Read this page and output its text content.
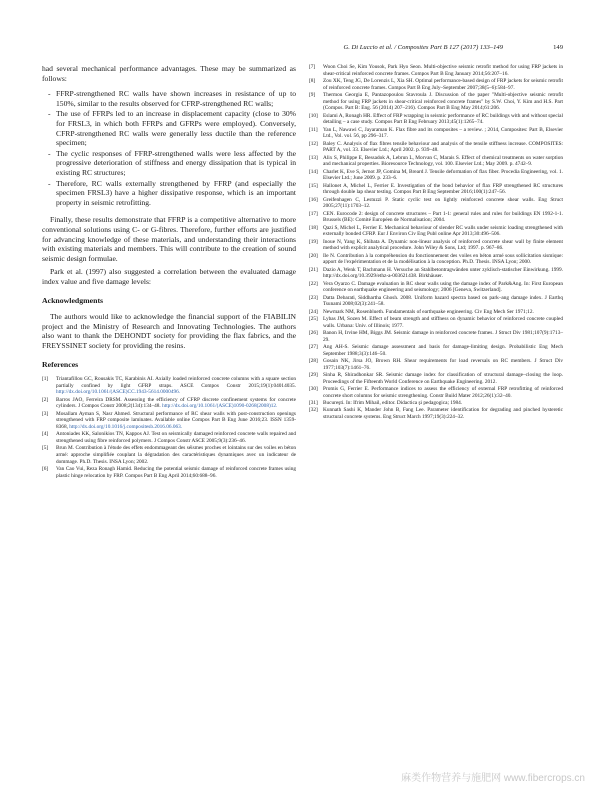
G. Di Luccio et al. / Composites Part B 127 (2017) 133–149	149

had several mechanical performance advantages. These may be summarized as follows:

- FFRP-strengthened RC walls have shown increases in resistance of up to 150%, similar to the results observed for CFRP-strengthened RC walls;
- The use of FFRPs led to an increase in displacement capacity (close to 30% for FRSL3, in which both FFRPs and GFRPs were employed). Conversely, CFRP-strengthened RC walls were generally less ductile than the reference specimen;
- The cyclic responses of FFRP-strengthened walls were less affected by the progressive deterioration of stiffness and energy dissipation that is typical in existing RC structures;
- Therefore, RC walls externally strengthened by FFRP (and especially the specimen FRSL3) have a higher dissipative response, which is an important property in seismic retrofitting.

Finally, these results demonstrate that FFRP is a competitive alternative to more conventional solutions using C- or G-fibres. Therefore, further efforts are justified for advancing knowledge of these materials, and understanding their interactions with existing materials and members. This will contribute to the creation of sound seismic design formulae.

Park et al. (1997) also suggested a correlation between the evaluated damage index value and five damage levels:

Acknowledgments

The authors would like to acknowledge the financial support of the FIABILIN project and the Ministry of Research and Innovating Technologies. The authors also want to thank the DEHONDT society for providing the flax fabrics, and the FREYSSINET society for providing the resins.

References
[1]	Triantafillou GC, Rousakis TC, Karabinis AI. Axially loaded reinforced concrete columns with a square section partially confined by light GFRP straps. ASCE Compos Constr 2015;19(1):04014035. http://dx.doi.org/10.1061/(ASCE)CC.1943-5614.0000496.
[2]	Barros JAO, Ferreira DRSM. Assessing the efficiency of CFRP discrete confinement systems for concrete cylinders. J Compos Constr 2008;2(134):134–48. http://dx.doi.org/10.1061/(ASCE)1090-0268(2008)12.
[3]	Mosallam Ayman S, Nasr Ahmed. Structural performance of RC shear walls with post-construction openings strengthened with FRP composite laminates. Available online Compos Part B Eng June 2016;23. ISSN 1359-8368, http://dx.doi.org/10.1016/j.compositesb.2016.06.063.
[4]	Antoniades KK, Salonikios TN, Kappos AJ. Test on seismically damaged reinforced concrete walls repaired and strengthened using fibre reinforced polymers. J Compos Constr ASCE 2005;9(3):236–46.
[5]	Brun M. Contribution à l'étude des effets endommageant des séismes proches et lointains sur des voiles en béton armé: approche simplifiée couplant la dégradation des caractéristiques dynamiques avec un indicateur de dommage. Ph.D. Thesis. INSA Lyon; 2002.
[6]	Van Cao Vui, Reza Ronagh Hamid. Reducing the potential seismic damage of reinforced concrete frames using plastic hinge relocation by FRP. Compos Part B Eng April 2014;60:688–96.
[7]	Woon Choi Se, Kim Yousok, Park Hyo Seon. Multi-objective seismic retrofit method for using FRP jackets in shear-critical reinforced concrete frames. Compos Part B Eng January 2014;56:207–16.
[8]	Zou XK, Teng JG, De Lorenzis L, Xia SH. Optimal performance-based design of FRP jackets for seismic retrofit of reinforced concrete frames. Compos Part B Eng July–September 2007;38(5–6):584–97.
[9]	Thermou Georgia E, Pantazopoulou Stavroula J. Discussion of the paper "Multi-objective seismic retrofit method for using FRP jackets in shear-critical reinforced concrete frames" by S.W. Choi, Y. Kim and H.S. Part (Compos. Part B: Eng. 56 (2014) 207–216). Compos Part B Eng May 2014;61:206.
[10] Eslami A, Ronagh HR. Effect of FRP wrapping in seismic performance of RC buildings with and without special detailing – a case study. Compos Part B Eng February 2013;45(1):1265–74.
[11]	Yan L, Nawawi C, Jayaraman K. Flax fibre and its composites – a review. ; 2014, Composites: Part B, Elsevier Ltd., Vol. vol. 56, pp 296–317.
[12] Baley C. Analysis of flax fibres tensile behaviour and analysis of the tensile stiffness increase. COMPOSITES: PART A, vol. 33. Elsevier Ltd.; April 2002. p. 939–48.
[13] Alix S, Philippe E, Bessadok A, Lebrun L, Morvan C, Marais S. Effect of chemical treatments on water sorption and mechanical properties. Bioresource Technology, vol. 100. Elsevier Ltd.; May 2009. p. 4742–9.
[14] Charlet K, Eve S, Jernot JP, Gomina M, Breard J. Tensile deformation of flax fiber. Procedia Engineering, vol. 1. Elsevier Ltd.; June 2009. p. 233–6.
[15] Hallonet A, Michel L, Ferrier E. Investigation of the bond behavior of flax FRP strengthened RC structures through double lap shear testing. Compos Part B Eng September 2016;100(1):247–56.
[16] Greifenhagen C, Lestuzzi P. Static cyclic test on lightly reinforced concrete shear walls. Eng Struct 2005;27(11):1703–12.
[17] CEN. Eurocode 2: design of concrete structures – Part 1-1: general rules and rules for buildings EN 1992-1-1. Brussels (BE): Comité Européen de Normalisation; 2004.
[18] Qazi S, Michel L, Ferrier E. Mechanical behaviour of slender RC walls under seismic loading strengthened with externally bonded CFRP. Eur J Environ Civ Eng Publ online Apr 2013;30:496–506.
[19] Inoue N, Yang K, Shibata A. Dynamic non-linear analysis of reinforced concrete shear wall by finite element method with explicit analytical procedure. John Wiley & Sons, Ltd; 1997. p. 967–86.
[20] Ile N. Contribution à la compréhension du fonctionnement des voiles en béton armé sous sollicitation sismique: apport de l'expérimentation et de la modélisation à la conception. Ph.D. Thesis. INSA Lyon; 2000.
[21] Dazio A, Wenk T, Bachmann H. Versuche an Stahlbetontragwänden unter zyklisch-statischer Einwirkung. 1999. http://dx.doi.org/10.3929/ethz-a-003621438. Birkhäuser.
[22] Vera Oyarzo C. Damage evaluation in RC shear walls using the damage index of Park&Ang. In: First European conference on earthquake engineering and seismology; 2006 [Geneva, Switzerland].
[23] Datta Debarati, Siddhartha Ghosh. 2008. Uniform hazard spectra based on park–ang damage index. J Earthq Tsunami 2008;02(3):241–58.
[24] Newmark NM, Rosenblueth. Fundamentals of earthquake engineering. Civ Eng Mech Ser 1971;12.
[25] Lybas JM, Sozen M. Effect of beam strength and stiffness on dynamic behavior of reinforced concrete coupled walls. Urbana: Univ. of Illinois; 1977.
[26] Banon H, Irvine HM, Biggs JM. Seismic damage in reinforced concrete frames. J Struct Div 1981;107(9):1713–29.
[27] Ang AH-S. Seismic damage assessment and basis for damage-limiting design. Probabilistic Eng Mech September 1988;3(3):146–50.
[28] Gosain NK, Jirsa JO, Brown RH. Shear requirements for load reversals on RC members. J Struct Div 1977;103(7):1461–76.
[29] Sinha R, Shiradhonkar SR. Seismic damage index for classification of structural damage–closing the loop. Proceedings of the Fifteenth World Conference on Earthquake Engineering. 2012.
[30] Promis G, Ferrier E. Performance indices to assess the efficiency of external FRP retrofitting of reinforced concrete short columns for seismic strengthening. Constr Build Mater 2012;26(1):32–40.
[31] Bucureşti. In: Ifrim Mihail, editor. Didactica şi pedagogica; 1984.
[32] Kunnath Sashi K, Mander John B, Fang Lee. Parameter identification for degrading and pinched hysteretic structural concrete systems. Eng Struct March 1997;19(3):224–32.
麻类作物营养与施肥网 www.fibercrops.cn
